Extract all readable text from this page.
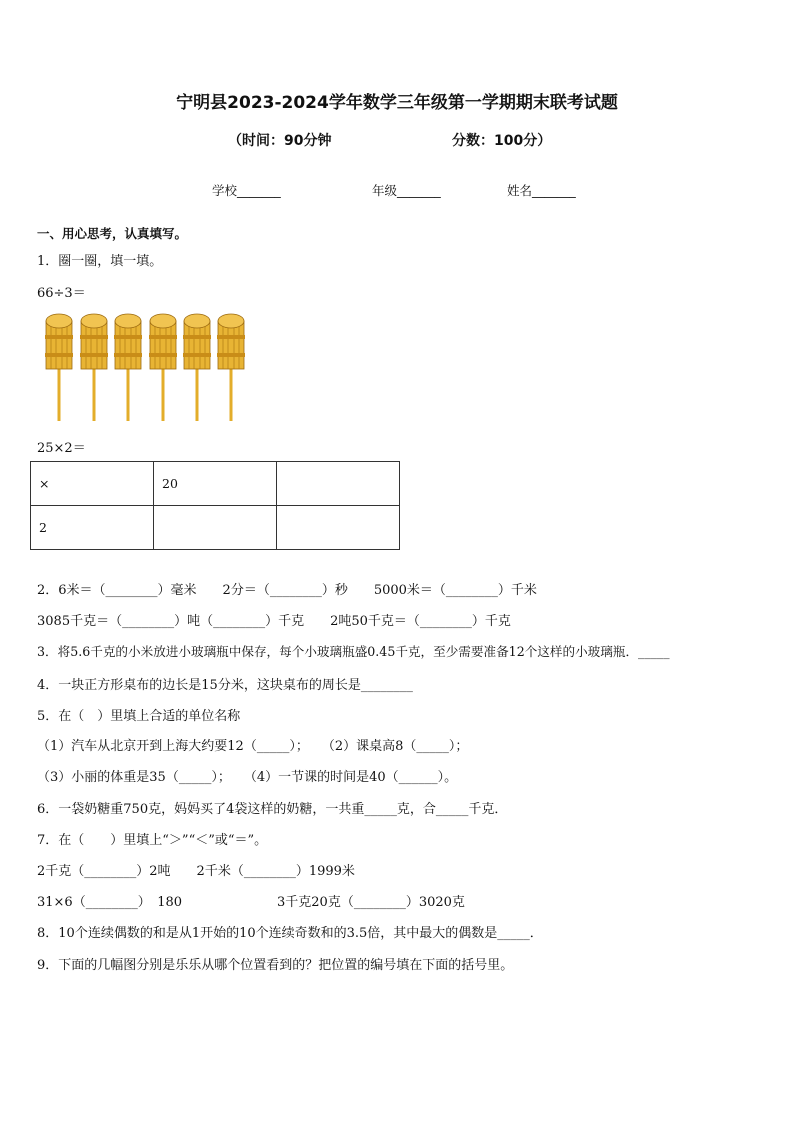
宁明县2023-2024学年数学三年级第一学期期末联考试题
（时间：90分钟	分数：100分）
学校_______	年级_______	姓名_______
一、用心思考，认真填写。
1．圈一圈，填一填。
66÷3＝
25×2＝
×	20	
2		
2．6米＝（________）毫米　　2分＝（________）秒　　5000米＝（________）千米
3085千克＝（________）吨（________）千克　　2吨50千克＝（________）千克
3．将5.6千克的小米放进小玻璃瓶中保存，每个小玻璃瓶盛0.45千克，至少需要准备12个这样的小玻璃瓶．_____
4．一块正方形桌布的边长是15分米，这块桌布的周长是________
5．在（　）里填上合适的单位名称
（1）汽车从北京开到上海大约要12（_____）；　　（2）课桌高8（_____）；
（3）小丽的体重是35（_____）；　　（4）一节课的时间是40（______）。
6．一袋奶糖重750克，妈妈买了4袋这样的奶糖，一共重_____克，合_____千克．
7．在（　　）里填上“＞”“＜”或“＝”。
2千克（________）2吨　　2千米（________）1999米
31×6（________）　180	3千克20克（________）3020克
8．10个连续偶数的和是从1开始的10个连续奇数和的3.5倍，其中最大的偶数是_____．
9．下面的几幅图分别是乐乐从哪个位置看到的？把位置的编号填在下面的括号里。
